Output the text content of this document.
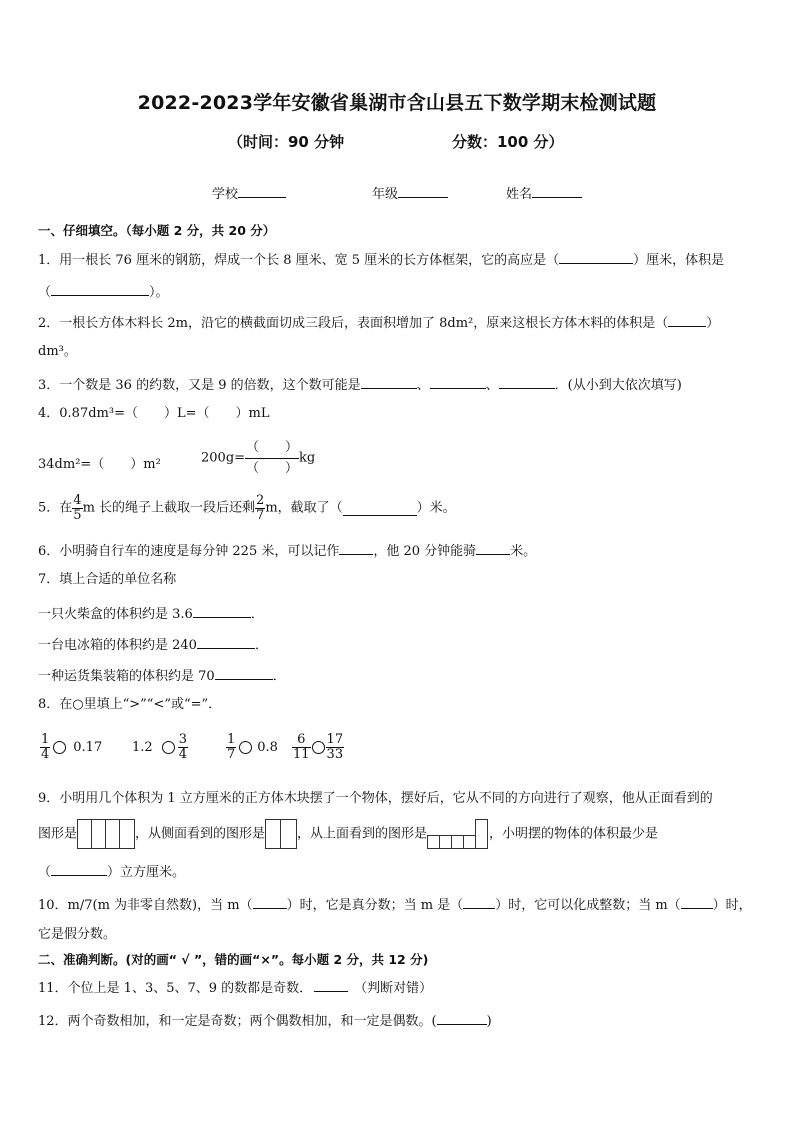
2022-2023学年安徽省巢湖市含山县五下数学期末检测试题
（时间：90 分钟	分数：100 分）
学校	年级	姓名
一、仔细填空。（每小题 2 分，共 20 分）
1．用一根长 76 厘米的钢筋，焊成一个长 8 厘米、宽 5 厘米的长方体框架，它的高应是（	）厘米，体积是
（	）。
2．一根长方体木料长 2m，沿它的横截面切成三段后，表面积增加了 8dm²，原来这根长方体木料的体积是（	）
dm³。
3．一个数是 36 的约数，又是 9 的倍数，这个数可能是	、	、	．(从小到大依次填写)
4．0.87dm³=（　　）L=（　　）mL
34dm²=（　　）m²	$200g= \frac{( )}{( )}$ kg
5．在 $\frac{4}{5}$ m 长的绳子上截取一段后还剩 $\frac{2}{7}$ m，截取了（	）米。
6．小明骑自行车的速度是每分钟 225 米，可以记作	，他 20 分钟能骑	米。
7．填上合适的单位名称
一只火柴盒的体积约是 3.6	．
一台电冰箱的体积约是 240	．
一种运货集装箱的体积约是 70	．
8．在○里填上“>”“<”或“=”．
$\frac{1}{4} 0.17$ $1.2 \frac{3}{4}$	$\frac{1}{7} 0.8 \frac{6}{11} \frac{17}{33}$
9．小明用几个体积为 1 立方厘米的正方体木块摆了一个物体，摆好后，它从不同的方向进行了观察，他从正面看到的
图形是	，从侧面看到的图形是 ，从上面看到的图形是	，小明摆的物体的体积最少是
（	）立方厘米。
10．m/7(m 为非零自然数)，当 m（	）时，它是真分数；当 m 是（ ）时，它可以化成整数；当 m（ ）时，
它是假分数。
二、准确判断。(对的画“ √ ”，错的画“×”。每小题 2 分，共 12 分)
11．个位上是 1、3、5、7、9 的数都是奇数．	（判断对错）
12．两个奇数相加，和一定是奇数；两个偶数相加，和一定是偶数。(	)
